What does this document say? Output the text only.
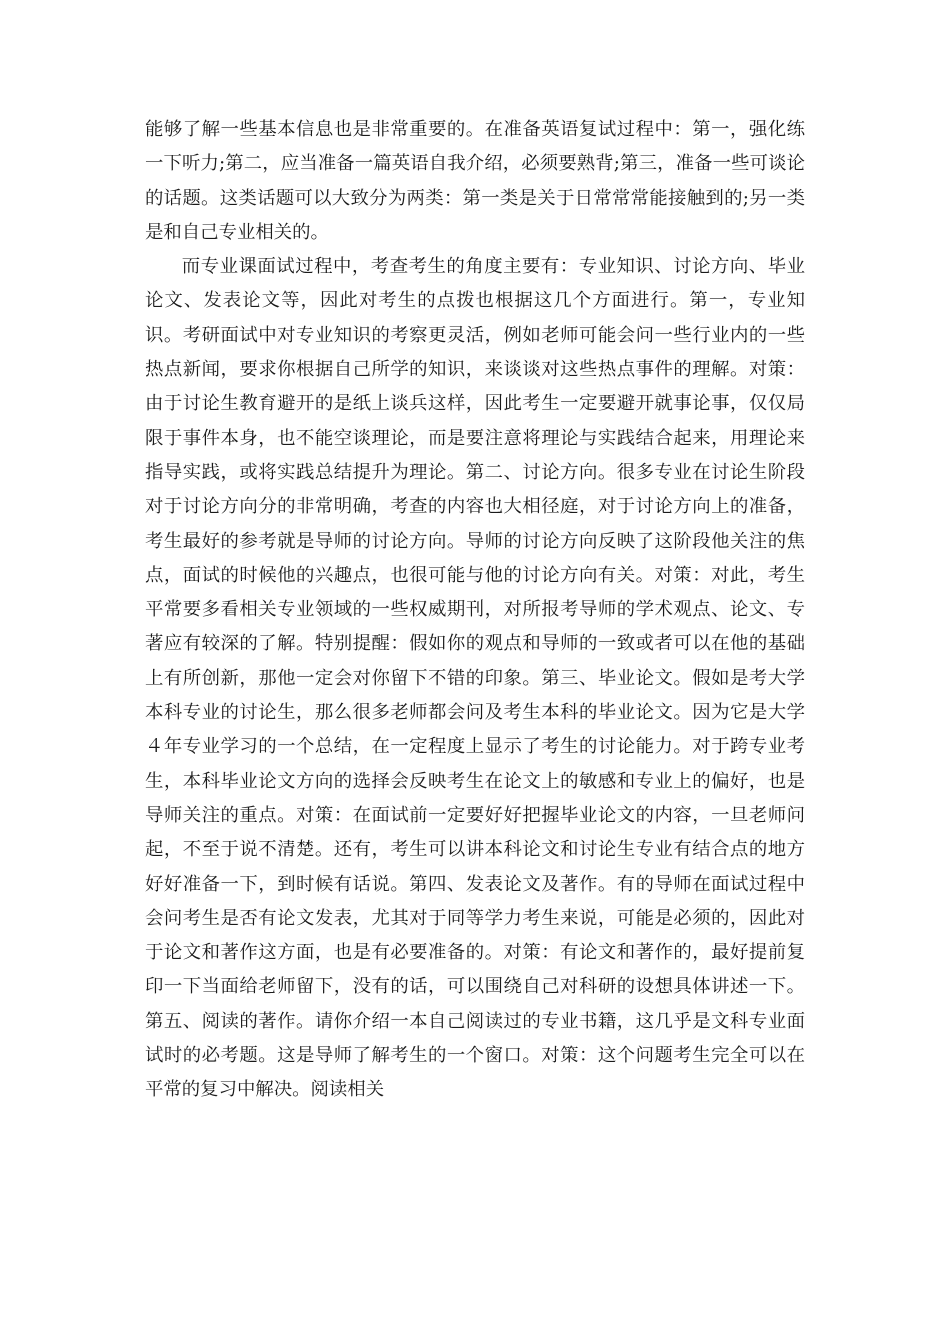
能够了解一些基本信息也是非常重要的。在准备英语复试过程中：第一，强化练一下听力;第二，应当准备一篇英语自我介绍，必须要熟背;第三，准备一些可谈论的话题。这类话题可以大致分为两类：第一类是关于日常常常能接触到的;另一类是和自己专业相关的。

而专业课面试过程中，考查考生的角度主要有：专业知识、讨论方向、毕业论文、发表论文等，因此对考生的点拨也根据这几个方面进行。第一，专业知识。考研面试中对专业知识的考察更灵活，例如老师可能会问一些行业内的一些热点新闻，要求你根据自己所学的知识，来谈谈对这些热点事件的理解。对策：由于讨论生教育避开的是纸上谈兵这样，因此考生一定要避开就事论事，仅仅局限于事件本身，也不能空谈理论，而是要注意将理论与实践结合起来，用理论来指导实践，或将实践总结提升为理论。第二、讨论方向。很多专业在讨论生阶段对于讨论方向分的非常明确，考查的内容也大相径庭，对于讨论方向上的准备，考生最好的参考就是导师的讨论方向。导师的讨论方向反映了这阶段他关注的焦点，面试的时候他的兴趣点，也很可能与他的讨论方向有关。对策：对此，考生平常要多看相关专业领域的一些权威期刊，对所报考导师的学术观点、论文、专著应有较深的了解。特别提醒：假如你的观点和导师的一致或者可以在他的基础上有所创新，那他一定会对你留下不错的印象。第三、毕业论文。假如是考大学本科专业的讨论生，那么很多老师都会问及考生本科的毕业论文。因为它是大学４年专业学习的一个总结，在一定程度上显示了考生的讨论能力。对于跨专业考生，本科毕业论文方向的选择会反映考生在论文上的敏感和专业上的偏好，也是导师关注的重点。对策：在面试前一定要好好把握毕业论文的内容，一旦老师问起，不至于说不清楚。还有，考生可以讲本科论文和讨论生专业有结合点的地方好好准备一下，到时候有话说。第四、发表论文及著作。有的导师在面试过程中会问考生是否有论文发表，尤其对于同等学力考生来说，可能是必须的，因此对于论文和著作这方面，也是有必要准备的。对策：有论文和著作的，最好提前复印一下当面给老师留下，没有的话，可以围绕自己对科研的设想具体讲述一下。第五、阅读的著作。请你介绍一本自己阅读过的专业书籍，这几乎是文科专业面试时的必考题。这是导师了解考生的一个窗口。对策：这个问题考生完全可以在平常的复习中解决。阅读相关
